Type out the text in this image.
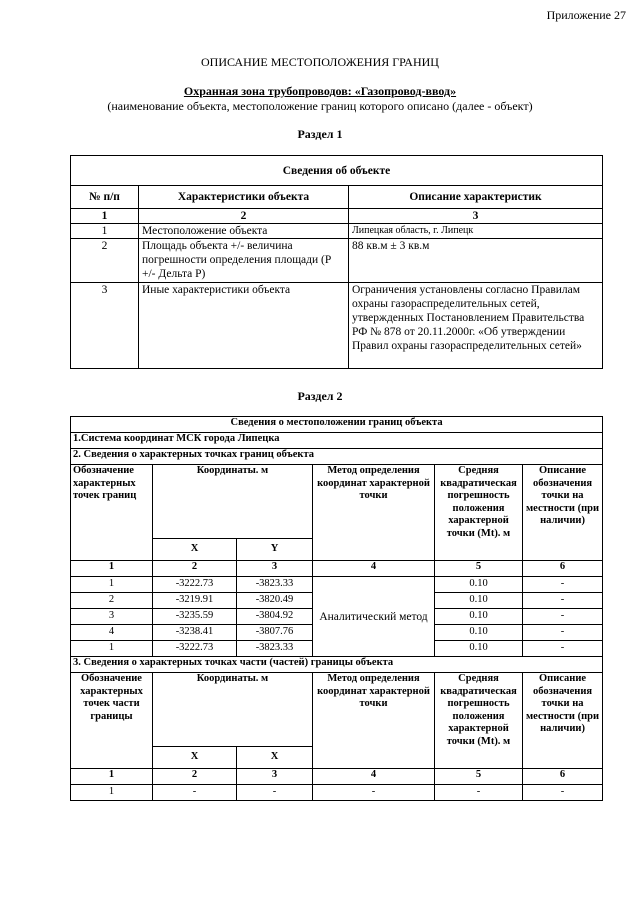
Приложение 27
ОПИСАНИЕ МЕСТОПОЛОЖЕНИЯ ГРАНИЦ
Охранная зона трубопроводов: «Газопровод-ввод»
(наименование объекта, местоположение границ которого описано (далее - объект)
Раздел 1
Сведения об объекте		
№ п/п	Характеристики объекта	Описание характеристик
1	2	3
1	Местоположение объекта	Липецкая область, г. Липецк
2	Площадь объекта +/- величина погрешности определения площади (Р +/- Дельта Р)	88 кв.м ± 3 кв.м
3	Иные характеристики объекта	Ограничения установлены согласно Правилам охраны газораспределительных сетей, утвержденных Постановлением Правительства РФ № 878 от 20.11.2000г. «Об утверждении Правил охраны газораспределительных сетей»
Раздел 2
Сведения о местоположении границ объекта					
1.Система координат МСК города Липецка					
2. Сведения о характерных точках границ объекта					
Обозначение характерных точек границ	Координаты. м		Метод определения координат характерной точки	Средняя квадратическая погрешность положения характерной точки (Mt). м	Описание обозначения точки на местности (при наличии)
	X	Y			
1	2	3	4	5	6
1	-3222.73	-3823.33	Аналитический метод	0.10	-
2	-3219.91	-3820.49		0.10	-
3	-3235.59	-3804.92		0.10	-
4	-3238.41	-3807.76		0.10	-
1	-3222.73	-3823.33		0.10	-
3. Сведения о характерных точках части (частей) границы объекта					
Обозначение характерных точек части границы	Координаты. м		Метод определения координат характерной точки	Средняя квадратическая погрешность положения характерной точки (Mt). м	Описание обозначения точки на местности (при наличии)
	X	X			
1	2	3	4	5	6
1	-	-	-	-	-
